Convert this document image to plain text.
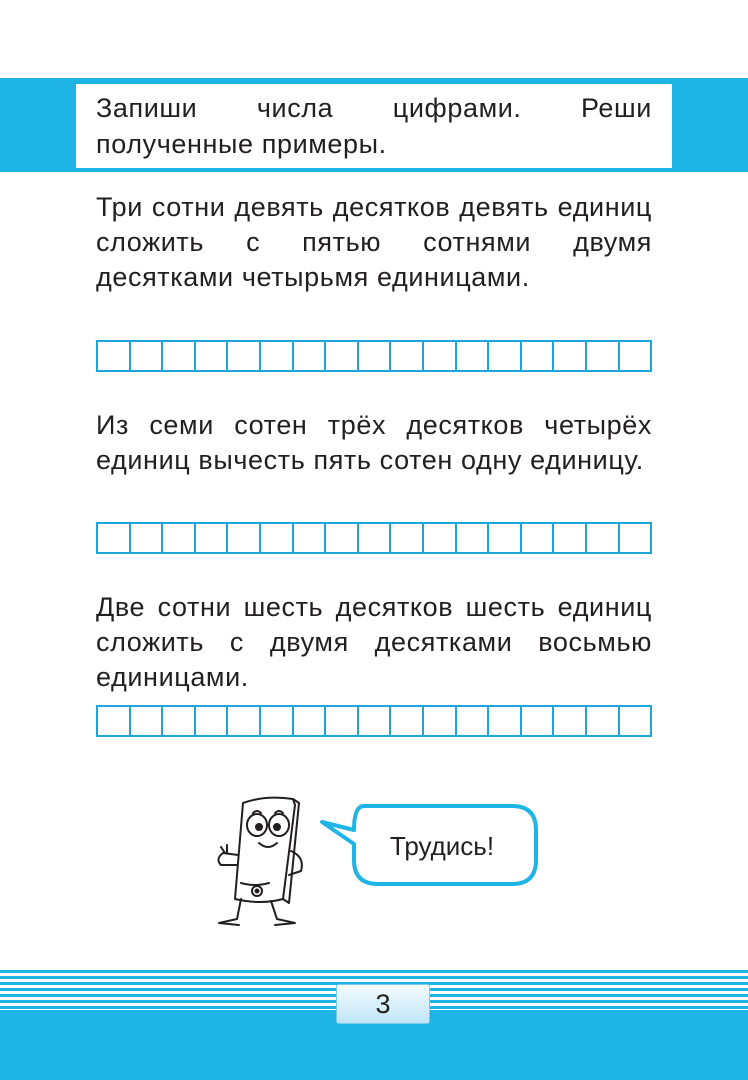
Запиши числа цифрами. Реши полученные примеры.

Три сотни девять десятков девять единиц сложить с пятью сотнями двумя десятками четырьмя единицами.

Из семи сотен трёх десятков четырёх единиц вычесть пять сотен одну единицу.

Две сотни шесть десятков шесть единиц сложить с двумя десятками восьмью единицами.

Трудись!
3
